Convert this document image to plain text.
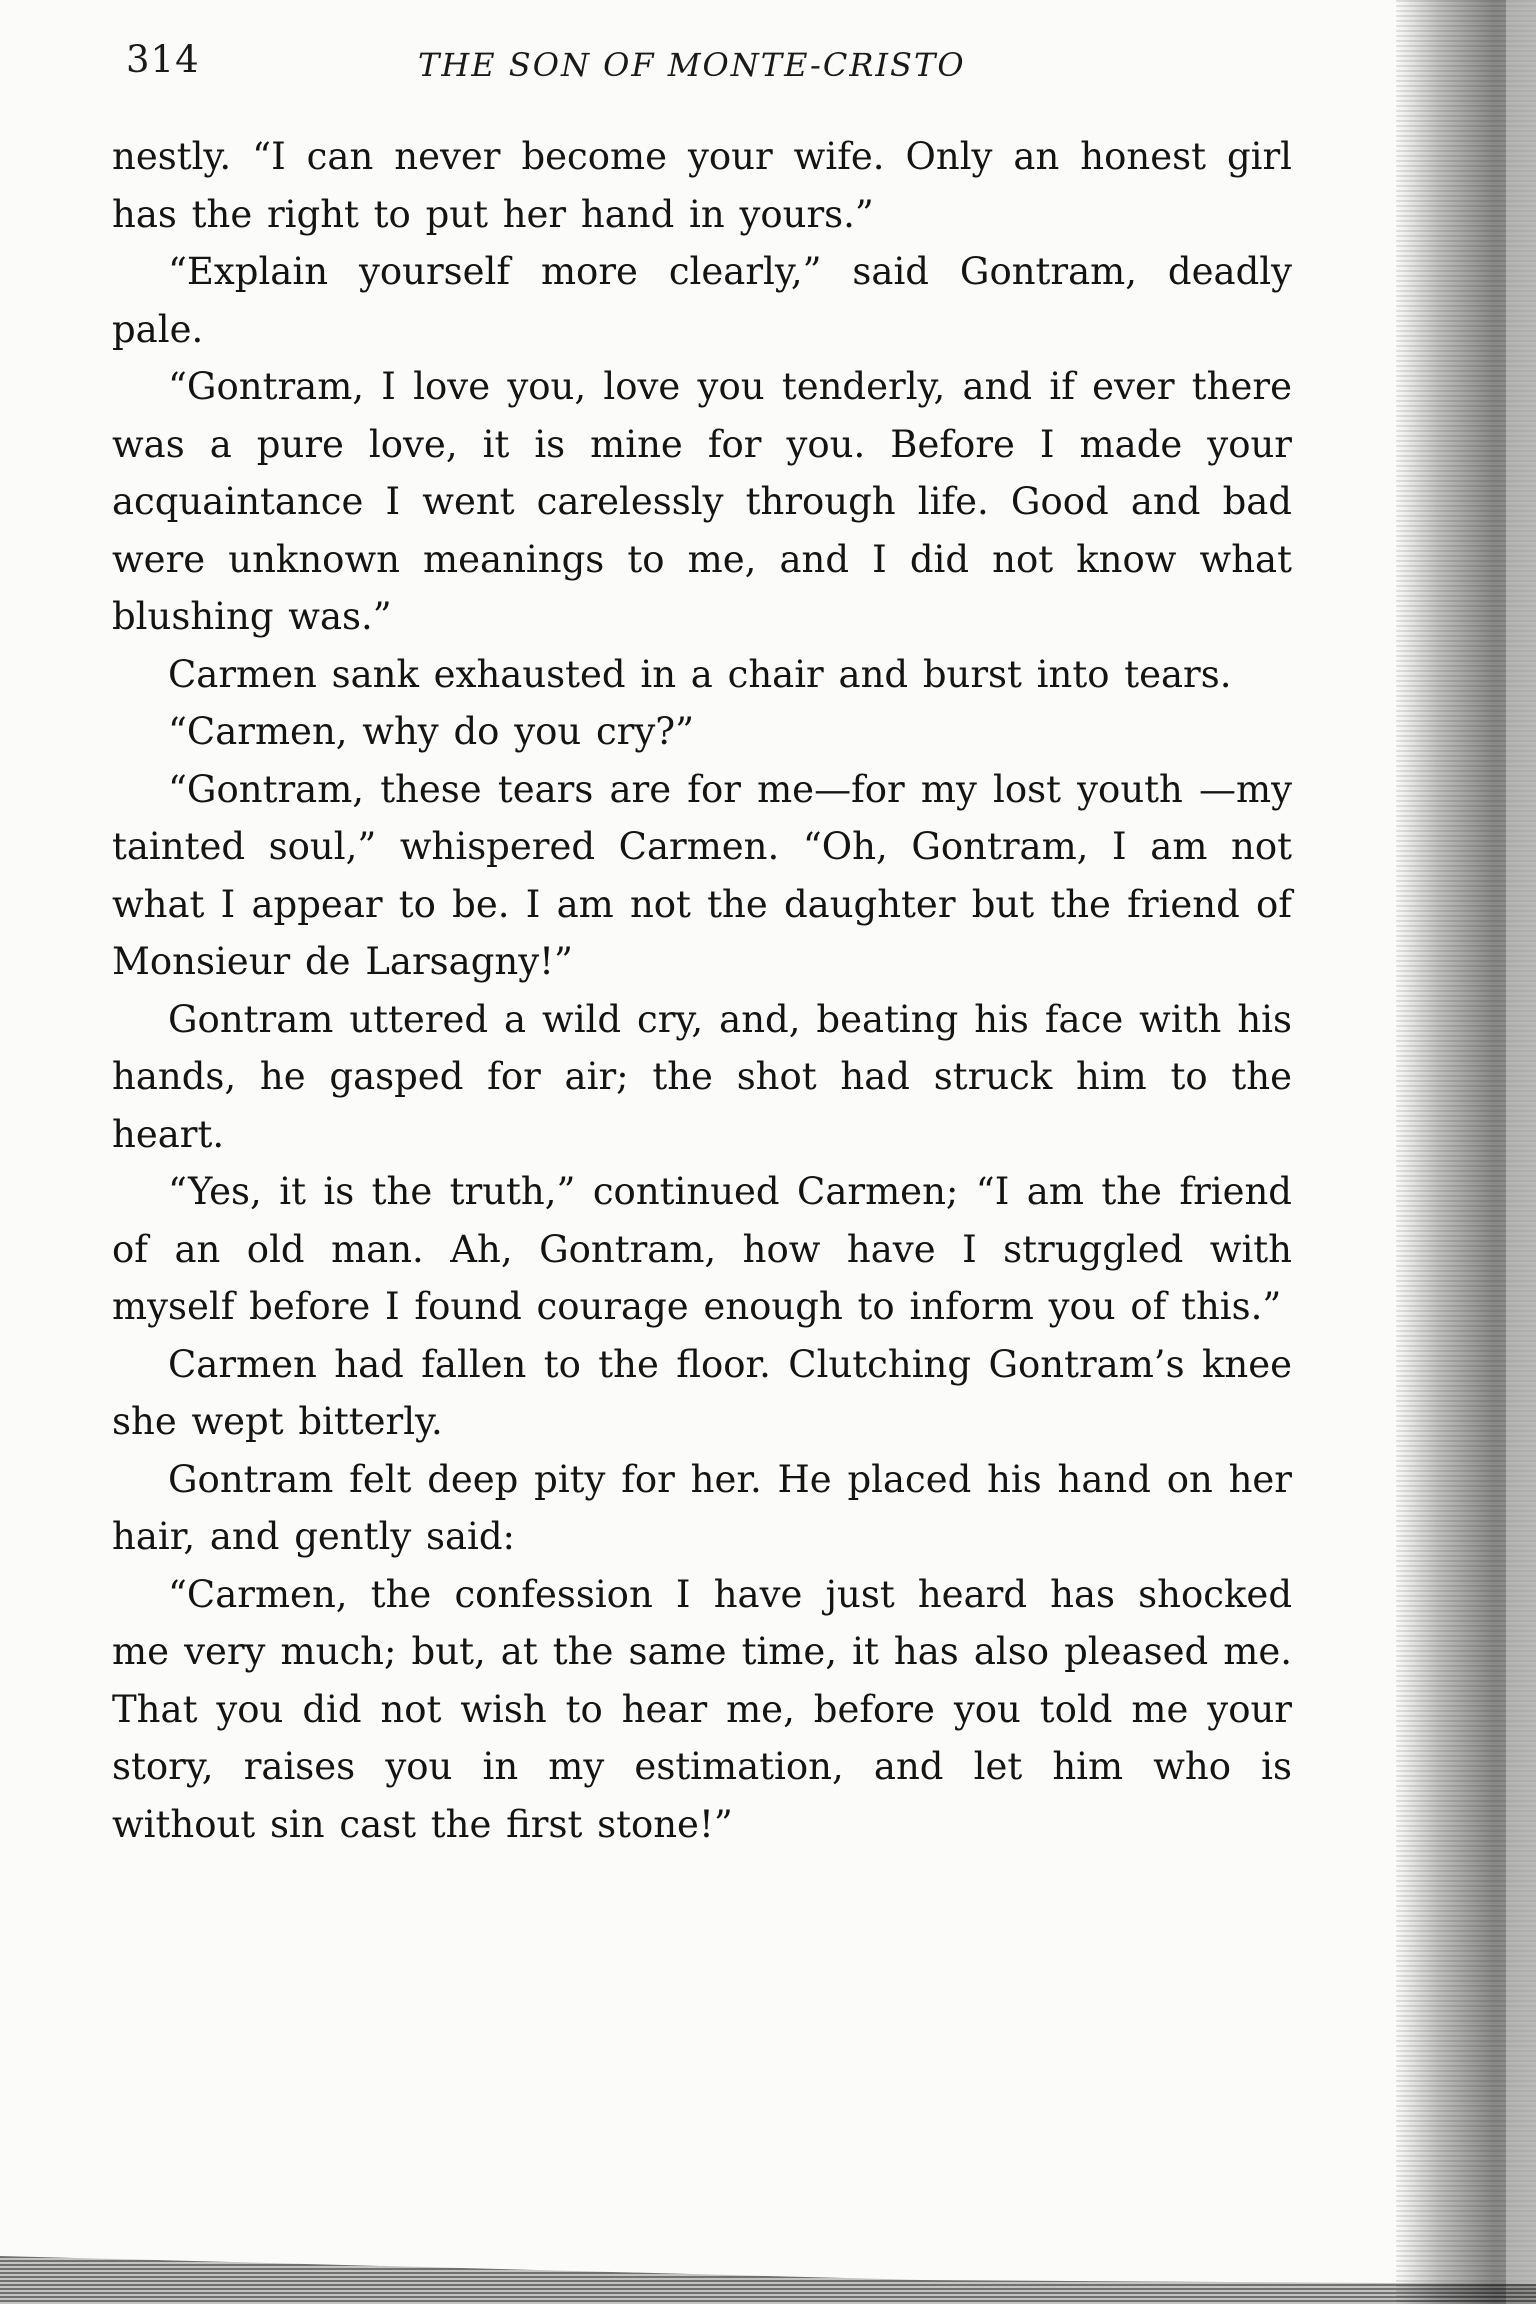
314	THE SON OF MONTE-CRISTO

nestly. “I can never become your wife. Only an honest girl has the right to put her hand in yours.”

“Explain yourself more clearly,” said Gontram, deadly pale.

“Gontram, I love you, love you tenderly, and if ever there was a pure love, it is mine for you. Before I made your acquaintance I went carelessly through life. Good and bad were unknown meanings to me, and I did not know what blushing was.”

Carmen sank exhausted in a chair and burst into tears.

“Carmen, why do you cry?”

“Gontram, these tears are for me—for my lost youth —my tainted soul,” whispered Carmen. “Oh, Gontram, I am not what I appear to be. I am not the daughter but the friend of Monsieur de Larsagny!”

Gontram uttered a wild cry, and, beating his face with his hands, he gasped for air; the shot had struck him to the heart.

“Yes, it is the truth,” continued Carmen; “I am the friend of an old man. Ah, Gontram, how have I struggled with myself before I found courage enough to inform you of this.”

Carmen had fallen to the floor. Clutching Gontram’s knee she wept bitterly.

Gontram felt deep pity for her. He placed his hand on her hair, and gently said:

“Carmen, the confession I have just heard has shocked me very much; but, at the same time, it has also pleased me. That you did not wish to hear me, before you told me your story, raises you in my estimation, and let him who is without sin cast the first stone!”
